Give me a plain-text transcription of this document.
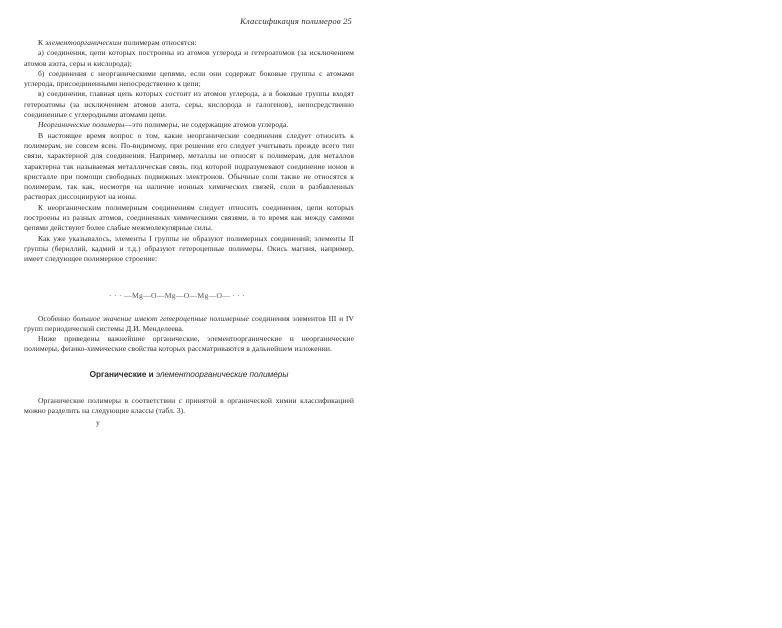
Классификация полимеров 25

К элементоорганическим полимерам относятся:

а) соединения, цепи которых построены из атомов углерода и гетероатомов (за исключением атомов азота, серы и кислорода);

б) соединения с неорганическими цепями, если они содержат боковые группы с атомами углерода, присоединенными непосредственно к цепи;

в) соединения, главная цепь которых состоит из атомов углерода, а в боковые группы входят гетероатомы (за исключением атомов азота, серы, кислорода и галогенов), непосредственно соединенные с углеродными атомами цепи.

Неорганические полимеры—это полимеры, не содержащие атомов углерода.

В настоящее время вопрос о том, какие неорганические соединения следует относить к полимерам, не совсем ясен. По-видимому, при решении его следует учитывать прежде всего тип связи, характерной для соединения. Например, металлы не относят к полимерам, для металлов характерна так называемая металлическая связь, под которой подразумевают соединение ионов в кристалле при помощи свободных подвижных электронов. Обычные соли также не относятся к полимерам, так как, несмотря на наличие ионных химических связей, соли в разбавленных растворах диссоциируют на ионы.

К неорганическим полимерным соединениям следует относить соединения, цепи которых построены из разных атомов, соединенных химическими связями, в то время как между самими цепями действуют более слабые межмолекулярные силы.

Как уже указывалось, элементы I группы не образуют полимерных соединений; элементы II группы (бериллий, кадмий и т.д.) образуют гетероцепные полимеры. Окись магния, например, имеет следующее полимерное строение:

· · · —Mg—O—Mg—O—Mg—O— · · ·

Особенно большое значение имеют гетероцепные полимерные соединения элементов III и IV групп периодической системы Д.И. Менделеева.

Ниже приведены важнейшие органические, элементоорганические и неорганические полимеры, физико-химические свойства которых рассматриваются в дальнейшем изложении.

Органические и элементоорганические полимеры

Органические полимеры в соответствии с принятой в органической химии классификацией можно разделить на следующие классы (табл. 3).

у
